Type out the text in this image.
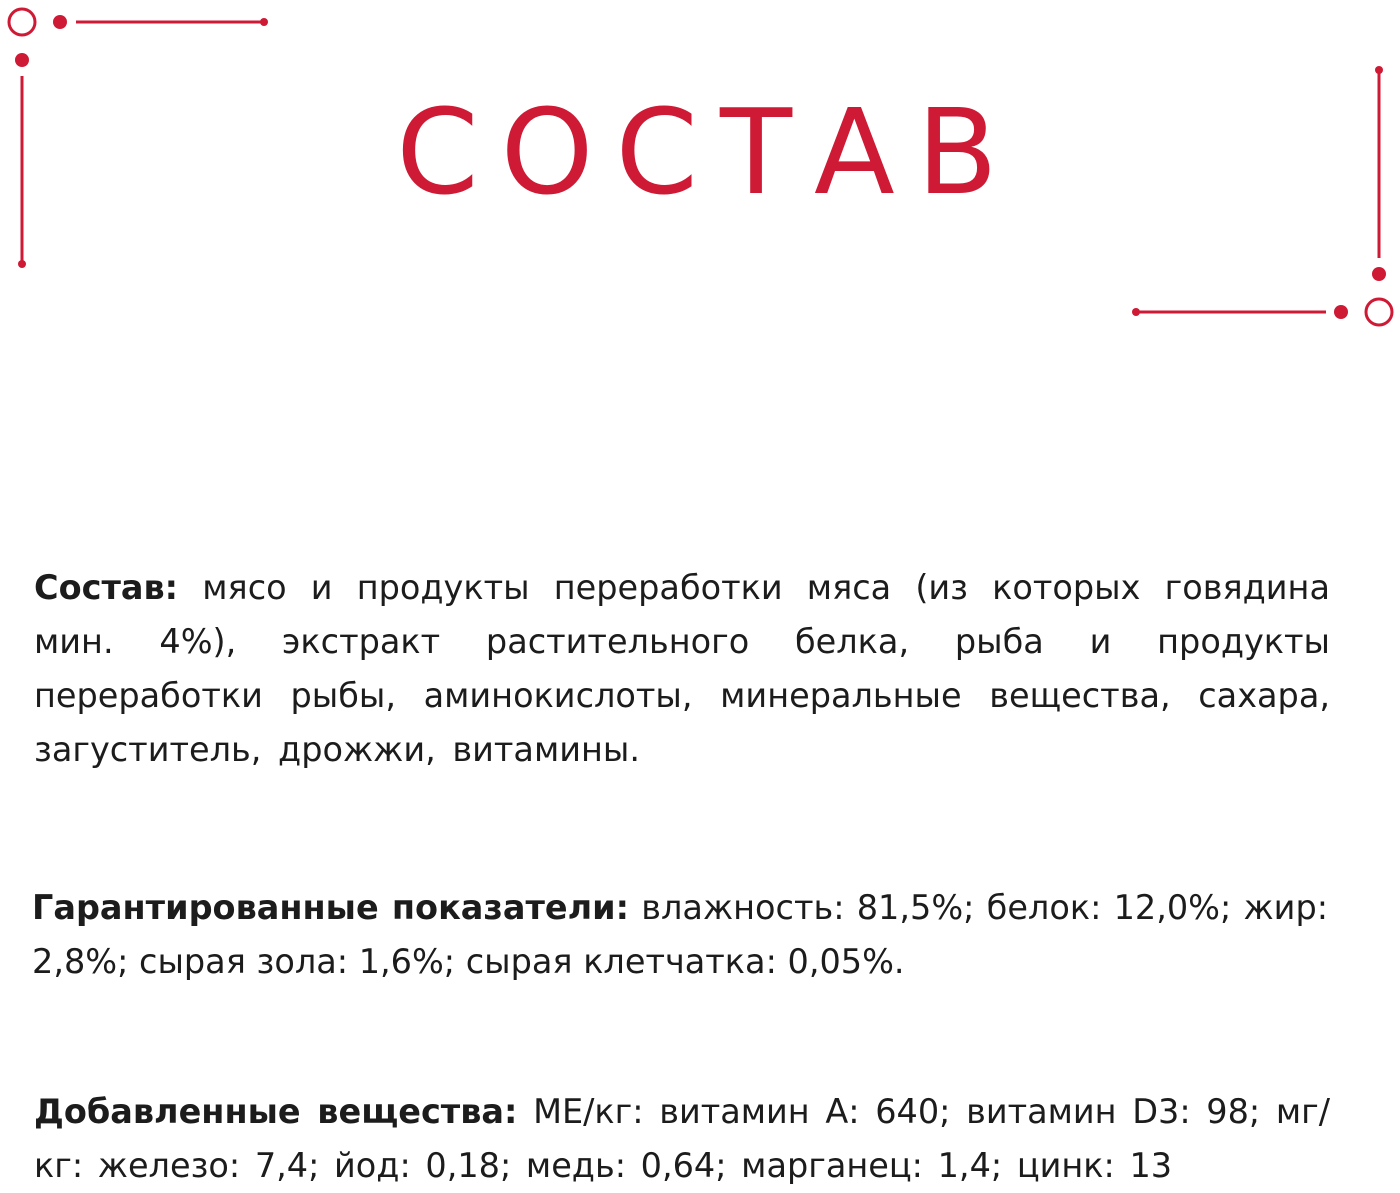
СОСТАВ

Состав: мясо и продукты переработки мяса (из которых говядина мин. 4%), экстракт растительного белка, рыба и продукты переработки рыбы, аминокислоты, минеральные вещества, сахара, загуститель, дрожжи, витамины.

Гарантированные показатели: влажность: 81,5%; белок: 12,0%; жир: 2,8%; сырая зола: 1,6%; сырая клетчатка: 0,05%.

Добавленные вещества: МЕ/кг: витамин А: 640; витамин D3: 98; мг/кг: железо: 7,4; йод: 0,18; медь: 0,64; марганец: 1,4; цинк: 13
